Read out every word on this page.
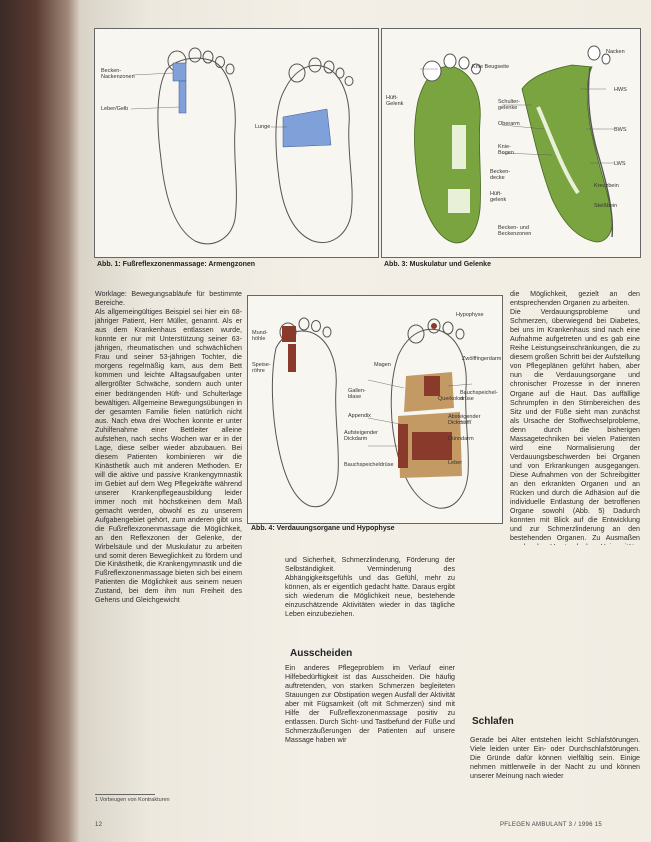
Becken- Nackenzonen
Leber/Gelb
Lunge
Abb. 1: Fußreflexzonenmassage: Armengzonen
Knie Beugseite
Hüft- Gelenk	Schulter- gelenke
Oberarm
Knie- Bogen
Becken- decke
Hüft- gelenk
Becken- und Beckenzonen
Nacken
HWS
BWS
LWS
Kreuzbein
Steißbein
Abb. 3: Muskulatur und Gelenke
Hypophyse
Mund- höhle
Speise- röhre
Magen
Gallen- blase
Appendix
Aufsteigender Dickdarm
Bauchspeicheldrüse
Zwölffingerdarm
Querkolon
Absteigender Dickdarm
Dünndarm
Leber
Bauchspeichel- drüse
Abb. 4: Verdauungsorgane und Hypophyse

Worklage: Bewegungsabläufe für bestimmte Bereiche.

Als allgemeingültiges Beispiel sei hier ein 68-jähriger Patient, Herr Müller, genannt. Als er aus dem Krankenhaus entlassen wurde, konnte er nur mit Unterstützung seiner 63-jährigen, rheumatischen und schwächlichen Frau und seiner 53-jährigen Tochter, die morgens regelmäßig kam, aus dem Bett kommen und leichte Alltagsaufgaben unter allergrößter Schwäche, sondern auch unter einer bedrängenden Hüft- und Schulterlage bewältigen. Allgemeine Bewegungsübungen in der gesamten Familie fielen natürlich nicht aus. Nach etwa drei Wochen konnte er unter Zuhilfenahme einer Bettleiter alleine aufstehen, nach sechs Wochen war er in der Lage, diese selber wieder abzubauen. Bei diesem Patienten kombinieren wir die Kinästhetik auch mit anderen Methoden. Er will die aktive und passive Krankengymnastik im Gebiet auf dem Weg Pflegekräfte während unserer Krankenpflegeausbildung leider immer noch mit höchstkeinen dem Maß gemacht werden, obwohl es zu unserem Aufgabengebiet gehört, zum anderen gibt uns die Fußreflexzonenmassage die Möglichkeit, an den Reflexzonen der Gelenke, der Wirbelsäule und der Muskulatur zu arbeiten und somit deren Beweglichkeit zu fördern und

Die Kinästhetik, die Krankengymnastik und die Fußreflexzonenmassage bieten sich bei einem Patienten die Möglichkeit aus seinem neuen Zustand, bei dem ihm nun Freiheit des Gehens und Gleichgewicht

und Sicherheit, Schmerzlinderung, Förderung der Selbständigkeit. Verminderung des Abhängigkeitsgefühls und das Gefühl, mehr zu können, als er eigentlich gedacht hatte. Daraus ergibt sich wiederum die Möglichkeit neue, bestehende einzuschätzende Aktivitäten wieder in das tägliche Leben einzubeziehen.

Ausscheiden

Ein anderes Pflegeproblem im Verlauf einer Hilfebedürftigkeit ist das Ausscheiden. Die häufig auftretenden, von starken Schmerzen begleiteten Stauungen zur Obstipation wegen Ausfall der Aktivität aber mit Fügsamkeit (oft mit Schmerzen) sind mit Hilfe der Fußreflexzonenmassage positiv zu entlassen. Durch Sicht- und Tastbefund der Füße und Schmerzäußerungen der Patienten auf unsere Massage haben wir

die Möglichkeit, gezielt an den entsprechenden Organen zu arbeiten.

Die Verdauungsprobleme und Schmerzen, überwiegend bei Diabetes, bei uns im Krankenhaus sind nach eine Aufnahme aufgetreten und es gab eine Reihe Leistungseinschränkungen, die zu diesem großen Schritt bei der Aufstellung von Pflegeplänen geführt haben, aber nun die Verdauungsorgane und chronischer Prozesse in der inneren Organe auf die Haut. Das auffällige Schrumpfen in den Stirnbereichen des Sitz und der Füße sieht man zunächst als Ursache der Stoffwechselprobleme, denn durch die bisherigen Massagetechniken bei vielen Patienten wird eine Normalisierung der Verdauungsbeschwerden bei Organen und von Erkrankungen ausgegangen. Diese Aufnahmen von der Schreibgitter an den erkrankten Organen und an Rücken und durch die Adhäsion auf die individuelle Entlastung der betroffenen Organe sowohl (Abb. 5) Dadurch konnten mit Blick auf die Entwicklung und zur Schmerzlinderung an den bestehenden Organen. Zu Ausmaßen

Schlafen

Gerade bei Alter entstehen leicht Schlafstörungen. Viele leiden unter Ein- oder Durchschlafstörungen. Die Gründe dafür können vielfältig sein. Einige nehmen mittlerweile in der Nacht zu und können unserer Meinung nach wieder

1 Vorbeugen von Kontrakturen
12	PFLEGEN AMBULANT 3 / 1996 15
